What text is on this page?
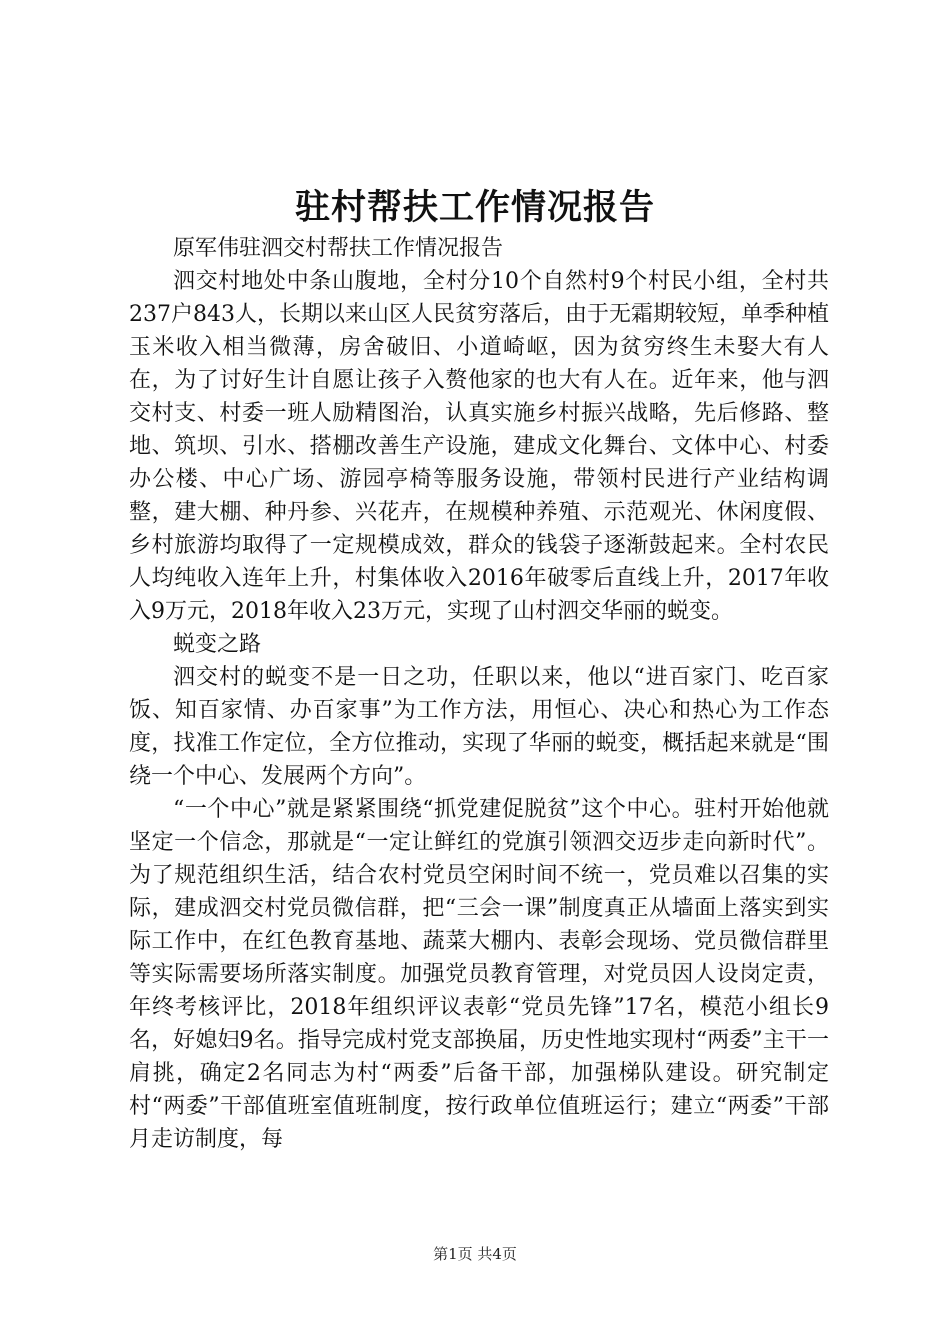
驻村帮扶工作情况报告

原军伟驻泗交村帮扶工作情况报告

泗交村地处中条山腹地，全村分10个自然村9个村民小组，全村共237户843人，长期以来山区人民贫穷落后，由于无霜期较短，单季种植玉米收入相当微薄，房舍破旧、小道崎岖，因为贫穷终生未娶大有人在，为了讨好生计自愿让孩子入赘他家的也大有人在。近年来，他与泗交村支、村委一班人励精图治，认真实施乡村振兴战略，先后修路、整地、筑坝、引水、搭棚改善生产设施，建成文化舞台、文体中心、村委办公楼、中心广场、游园亭椅等服务设施，带领村民进行产业结构调整，建大棚、种丹参、兴花卉，在规模种养殖、示范观光、休闲度假、乡村旅游均取得了一定规模成效，群众的钱袋子逐渐鼓起来。全村农民人均纯收入连年上升，村集体收入2016年破零后直线上升，2017年收入9万元，2018年收入23万元，实现了山村泗交华丽的蜕变。

蜕变之路

泗交村的蜕变不是一日之功，任职以来，他以“进百家门、吃百家饭、知百家情、办百家事”为工作方法，用恒心、决心和热心为工作态度，找准工作定位，全方位推动，实现了华丽的蜕变，概括起来就是“围绕一个中心、发展两个方向”。

“一个中心”就是紧紧围绕“抓党建促脱贫”这个中心。驻村开始他就坚定一个信念，那就是“一定让鲜红的党旗引领泗交迈步走向新时代”。为了规范组织生活，结合农村党员空闲时间不统一，党员难以召集的实际，建成泗交村党员微信群，把“三会一课”制度真正从墙面上落实到实际工作中，在红色教育基地、蔬菜大棚内、表彰会现场、党员微信群里等实际需要场所落实制度。加强党员教育管理，对党员因人设岗定责，年终考核评比，2018年组织评议表彰“党员先锋”17名，模范小组长9名，好媳妇9名。指导完成村党支部换届，历史性地实现村“两委”主干一肩挑，确定2名同志为村“两委”后备干部，加强梯队建设。研究制定村“两委”干部值班室值班制度，按行政单位值班运行；建立“两委”干部月走访制度，每

第1页 共4页
